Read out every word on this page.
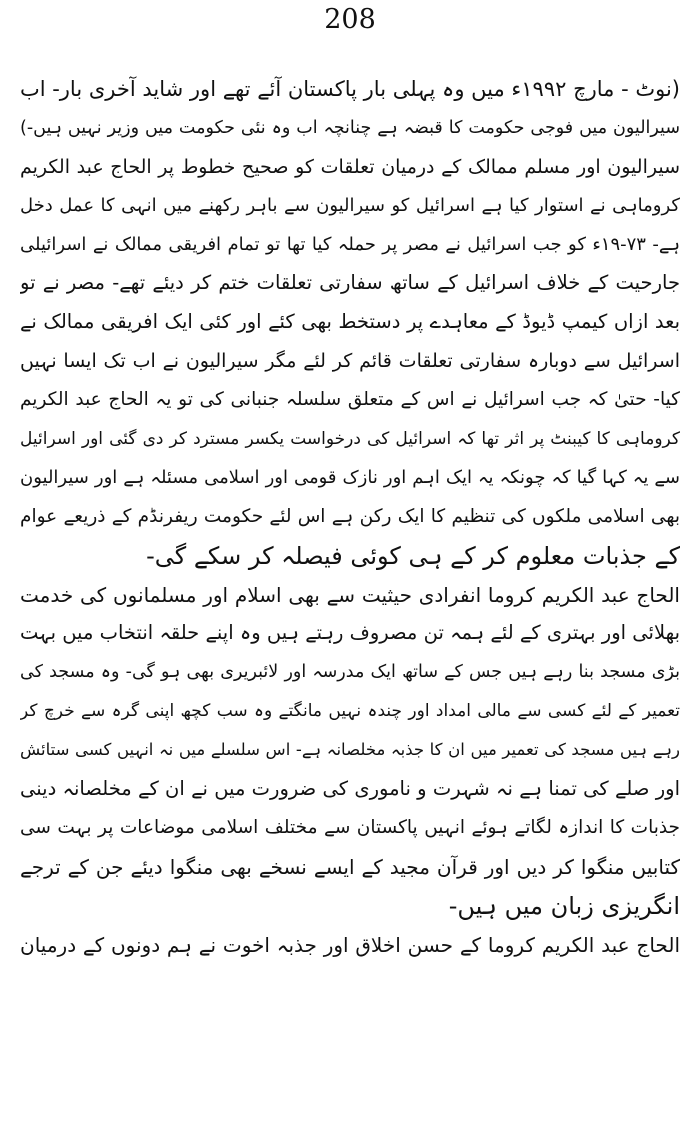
208
(نوٹ - مارچ ۱۹۹۲ء میں وہ پہلی بار پاکستان آئے تھے اور شاید آخری بار- اب
سیرالیون میں فوجی حکومت کا قبضہ ہے چنانچہ اب وہ نئی حکومت میں وزیر نہیں ہیں-)
سیرالیون اور مسلم ممالک کے درمیان تعلقات کو صحیح خطوط پر الحاج عبد الکریم
کروماہی نے استوار کیا ہے اسرائیل کو سیرالیون سے باہر رکھنے میں انہی کا عمل دخل
ہے- ۷۳-۱۹ء کو جب اسرائیل نے مصر پر حملہ کیا تھا تو تمام افریقی ممالک نے اسرائیلی
جارحیت کے خلاف اسرائیل کے ساتھ سفارتی تعلقات ختم کر دیئے تھے- مصر نے تو
بعد ازاں کیمپ ڈیوڈ کے معاہدے پر دستخط بھی کئے اور کئی ایک افریقی ممالک نے
اسرائیل سے دوبارہ سفارتی تعلقات قائم کر لئے مگر سیرالیون نے اب تک ایسا نہیں
کیا- حتیٰ کہ جب اسرائیل نے اس کے متعلق سلسلہ جنبانی کی تو یہ الحاج عبد الکریم
کروماہی کا کیبنٹ پر اثر تھا کہ اسرائیل کی درخواست یکسر مسترد کر دی گئی اور اسرائیل
سے یہ کہا گیا کہ چونکہ یہ ایک اہم اور نازک قومی اور اسلامی مسئلہ ہے اور سیرالیون
بھی اسلامی ملکوں کی تنظیم کا ایک رکن ہے اس لئے حکومت ریفرنڈم کے ذریعے عوام
کے جذبات معلوم کر کے ہی کوئی فیصلہ کر سکے گی-
الحاج عبد الکریم کروما انفرادی حیثیت سے بھی اسلام اور مسلمانوں کی خدمت
بھلائی اور بہتری کے لئے ہمہ تن مصروف رہتے ہیں وہ اپنے حلقہ انتخاب میں بہت
بڑی مسجد بنا رہے ہیں جس کے ساتھ ایک مدرسہ اور لائبریری بھی ہو گی- وہ مسجد کی
تعمیر کے لئے کسی سے مالی امداد اور چندہ نہیں مانگتے وہ سب کچھ اپنی گرہ سے خرچ کر
رہے ہیں مسجد کی تعمیر میں ان کا جذبہ مخلصانہ ہے- اس سلسلے میں نہ انہیں کسی ستائش
اور صلے کی تمنا ہے نہ شہرت و ناموری کی ضرورت میں نے ان کے مخلصانہ دینی
جذبات کا اندازہ لگاتے ہوئے انہیں پاکستان سے مختلف اسلامی موضاعات پر بہت سی
کتابیں منگوا کر دیں اور قرآن مجید کے ایسے نسخے بھی منگوا دیئے جن کے ترجے
انگریزی زبان میں ہیں-
الحاج عبد الکریم کروما کے حسن اخلاق اور جذبہ اخوت نے ہم دونوں کے درمیان
